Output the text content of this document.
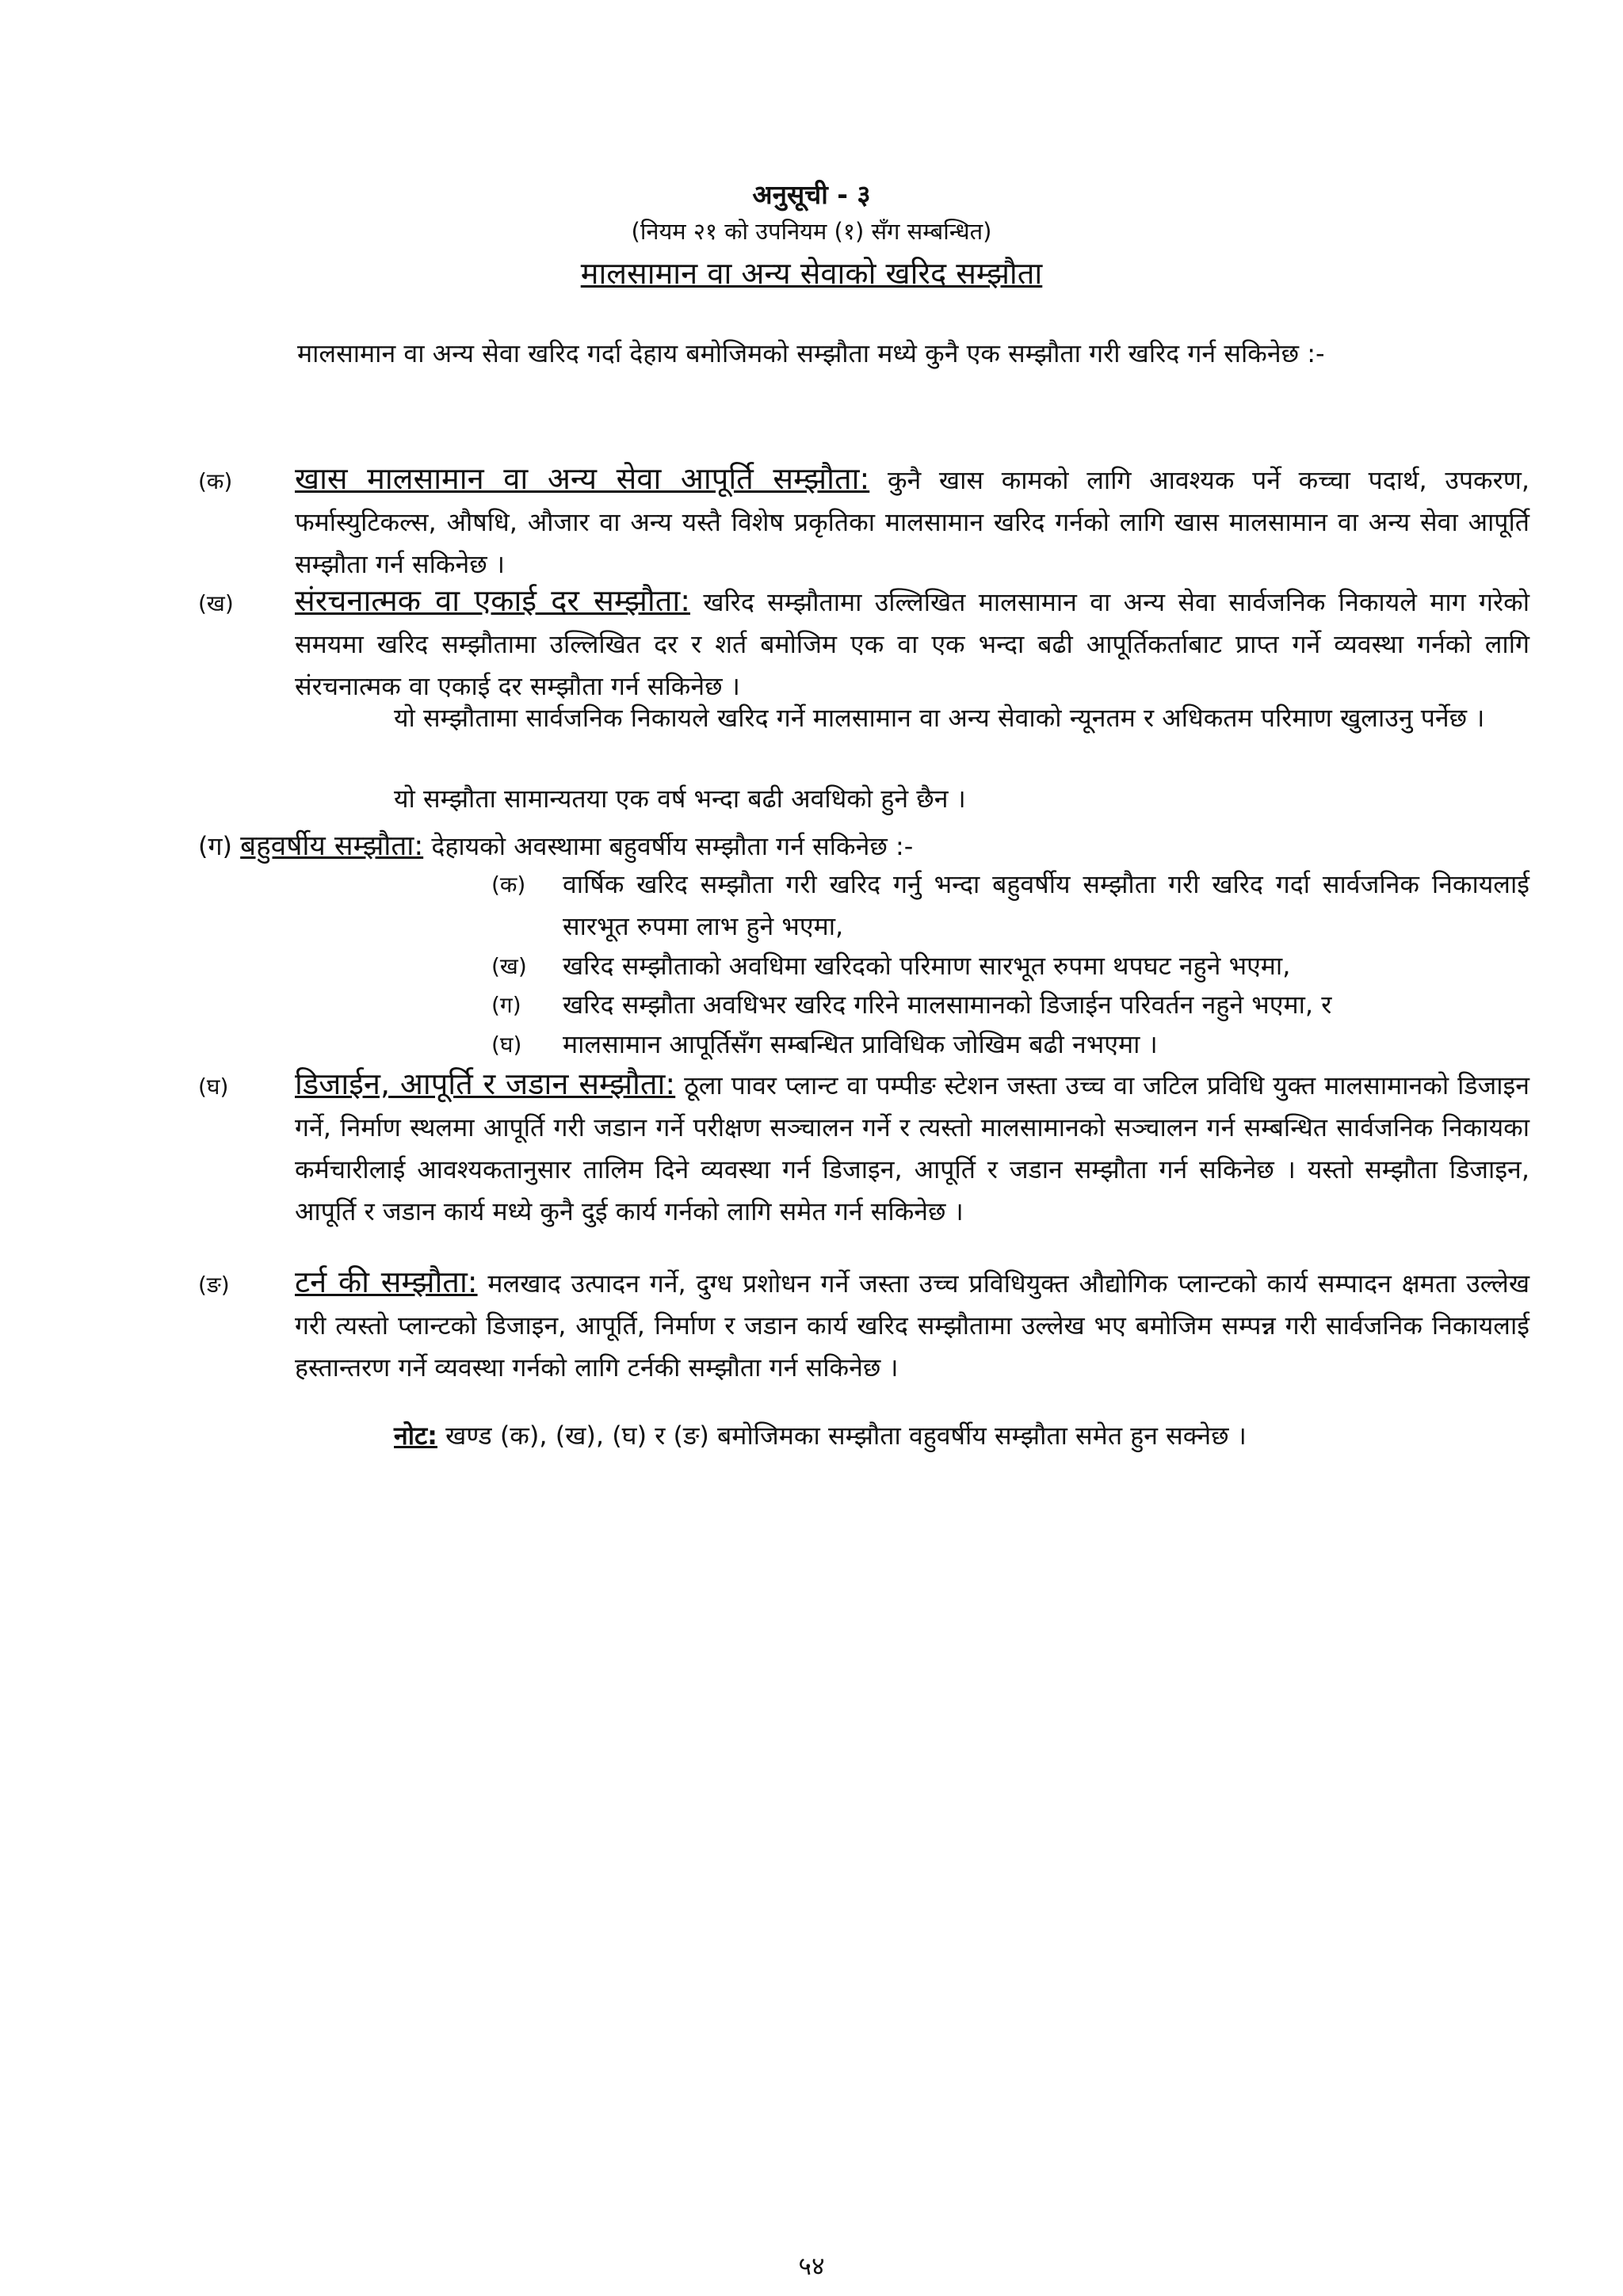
अनुसूची - ३
(नियम २१ को उपनियम (१) सँग सम्बन्धित)
मालसामान वा अन्य सेवाको खरिद सम्झौता
मालसामान वा अन्य सेवा खरिद गर्दा देहाय बमोजिमको सम्झौता मध्ये कुनै एक सम्झौता गरी खरिद गर्न सकिनेछ :-
(क) खास मालसामान वा अन्य सेवा आपूर्ति सम्झौता: कुनै खास कामको लागि आवश्यक पर्ने कच्चा पदार्थ, उपकरण, फर्मास्युटिकल्स, औषधि, औजार वा अन्य यस्तै विशेष प्रकृतिका मालसामान खरिद गर्नको लागि खास मालसामान वा अन्य सेवा आपूर्ति सम्झौता गर्न सकिनेछ ।
(ख) संरचनात्मक वा एकाई दर सम्झौता: खरिद सम्झौतामा उल्लिखित मालसामान वा अन्य सेवा सार्वजनिक निकायले माग गरेको समयमा खरिद सम्झौतामा उल्लिखित दर र शर्त बमोजिम एक वा एक भन्दा बढी आपूर्तिकर्ताबाट प्राप्त गर्ने व्यवस्था गर्नको लागि संरचनात्मक वा एकाई दर सम्झौता गर्न सकिनेछ ।
यो सम्झौतामा सार्वजनिक निकायले खरिद गर्ने मालसामान वा अन्य सेवाको न्यूनतम र अधिकतम परिमाण खुलाउनु पर्नेछ ।
यो सम्झौता सामान्यतया एक वर्ष भन्दा बढी अवधिको हुने छैन ।
(ग) बहुवर्षीय सम्झौता: देहायको अवस्थामा बहुवर्षीय सम्झौता गर्न सकिनेछ :-
(क) वार्षिक खरिद सम्झौता गरी खरिद गर्नु भन्दा बहुवर्षीय सम्झौता गरी खरिद गर्दा सार्वजनिक निकायलाई सारभूत रुपमा लाभ हुने भएमा,
(ख) खरिद सम्झौताको अवधिमा खरिदको परिमाण सारभूत रुपमा थपघट नहुने भएमा,
(ग) खरिद सम्झौता अवधिभर खरिद गरिने मालसामानको डिजाईन परिवर्तन नहुने भएमा, र
(घ) मालसामान आपूर्तिसँग सम्बन्धित प्राविधिक जोखिम बढी नभएमा ।
(घ) डिजाईन, आपूर्ति र जडान सम्झौता: ठूला पावर प्लान्ट वा पम्पीङ स्टेशन जस्ता उच्च वा जटिल प्रविधि युक्त मालसामानको डिजाइन गर्ने, निर्माण स्थलमा आपूर्ति गरी जडान गर्ने परीक्षण सञ्चालन गर्ने र त्यस्तो मालसामानको सञ्चालन गर्न सम्बन्धित सार्वजनिक निकायका कर्मचारीलाई आवश्यकतानुसार तालिम दिने व्यवस्था गर्न डिजाइन, आपूर्ति र जडान सम्झौता गर्न सकिनेछ । यस्तो सम्झौता डिजाइन, आपूर्ति र जडान कार्य मध्ये कुनै दुई कार्य गर्नको लागि समेत गर्न सकिनेछ ।
(ङ) टर्न की सम्झौता: मलखाद उत्पादन गर्ने, दुग्ध प्रशोधन गर्ने जस्ता उच्च प्रविधियुक्त औद्योगिक प्लान्टको कार्य सम्पादन क्षमता उल्लेख गरी त्यस्तो प्लान्टको डिजाइन, आपूर्ति, निर्माण र जडान कार्य खरिद सम्झौतामा उल्लेख भए बमोजिम सम्पन्न गरी सार्वजनिक निकायलाई हस्तान्तरण गर्ने व्यवस्था गर्नको लागि टर्नकी सम्झौता गर्न सकिनेछ ।
नोट: खण्ड (क), (ख), (घ) र (ङ) बमोजिमका सम्झौता वहुवर्षीय सम्झौता समेत हुन सक्नेछ ।
५४
